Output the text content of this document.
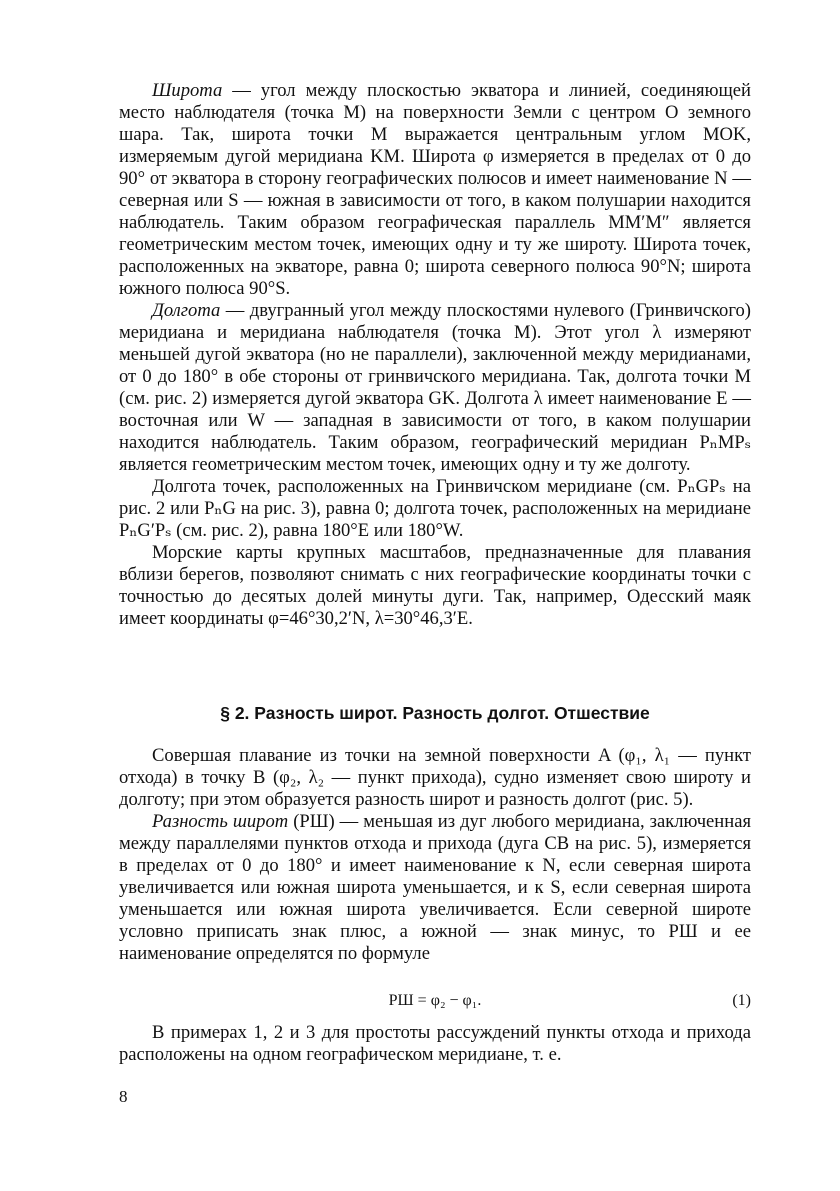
Широта — угол между плоскостью экватора и линией, соединяющей место наблюдателя (точка M) на поверхности Земли с центром O земного шара. Так, широта точки M выражается центральным углом MOK, измеряемым дугой меридиана KM. Широта φ измеряется в пределах от 0 до 90° от экватора в сторону географических полюсов и имеет наименование N — северная или S — южная в зависимости от того, в каком полушарии находится наблюдатель. Таким образом географическая параллель MM′M″ является геометрическим местом точек, имеющих одну и ту же широту. Широта точек, расположенных на экваторе, равна 0; широта северного полюса 90°N; широта южного полюса 90°S.

Долгота — двугранный угол между плоскостями нулевого (Гринвичского) меридиана и меридиана наблюдателя (точка M). Этот угол λ измеряют меньшей дугой экватора (но не параллели), заключенной между меридианами, от 0 до 180° в обе стороны от гринвичского меридиана. Так, долгота точки M (см. рис. 2) измеряется дугой экватора GK. Долгота λ имеет наименование E — восточная или W — западная в зависимости от того, в каком полушарии находится наблюдатель. Таким образом, географический меридиан PₙMPₛ является геометрическим местом точек, имеющих одну и ту же долготу.

Долгота точек, расположенных на Гринвичском меридиане (см. PₙGPₛ на рис. 2 или PₙG на рис. 3), равна 0; долгота точек, расположенных на меридиане PₙG′Pₛ (см. рис. 2), равна 180°E или 180°W.

Морские карты крупных масштабов, предназначенные для плавания вблизи берегов, позволяют снимать с них географические координаты точки с точностью до десятых долей минуты дуги. Так, например, Одесский маяк имеет координаты φ=46°30,2′N, λ=30°46,3′E.

§ 2. Разность широт. Разность долгот. Отшествие

Совершая плавание из точки на земной поверхности A (φ₁, λ₁ — пункт отхода) в точку B (φ₂, λ₂ — пункт прихода), судно изменяет свою широту и долготу; при этом образуется разность широт и разность долгот (рис. 5).

Разность широт (РШ) — меньшая из дуг любого меридиана, заключенная между параллелями пунктов отхода и прихода (дуга CB на рис. 5), измеряется в пределах от 0 до 180° и имеет наименование к N, если северная широта увеличивается или южная широта уменьшается, и к S, если северная широта уменьшается или южная широта увеличивается. Если северной широте условно приписать знак плюс, а южной — знак минус, то РШ и ее наименование определятся по формуле

РШ = φ₂ − φ₁.	(1)

В примерах 1, 2 и 3 для простоты рассуждений пункты отхода и прихода расположены на одном географическом меридиане, т. е.

8
